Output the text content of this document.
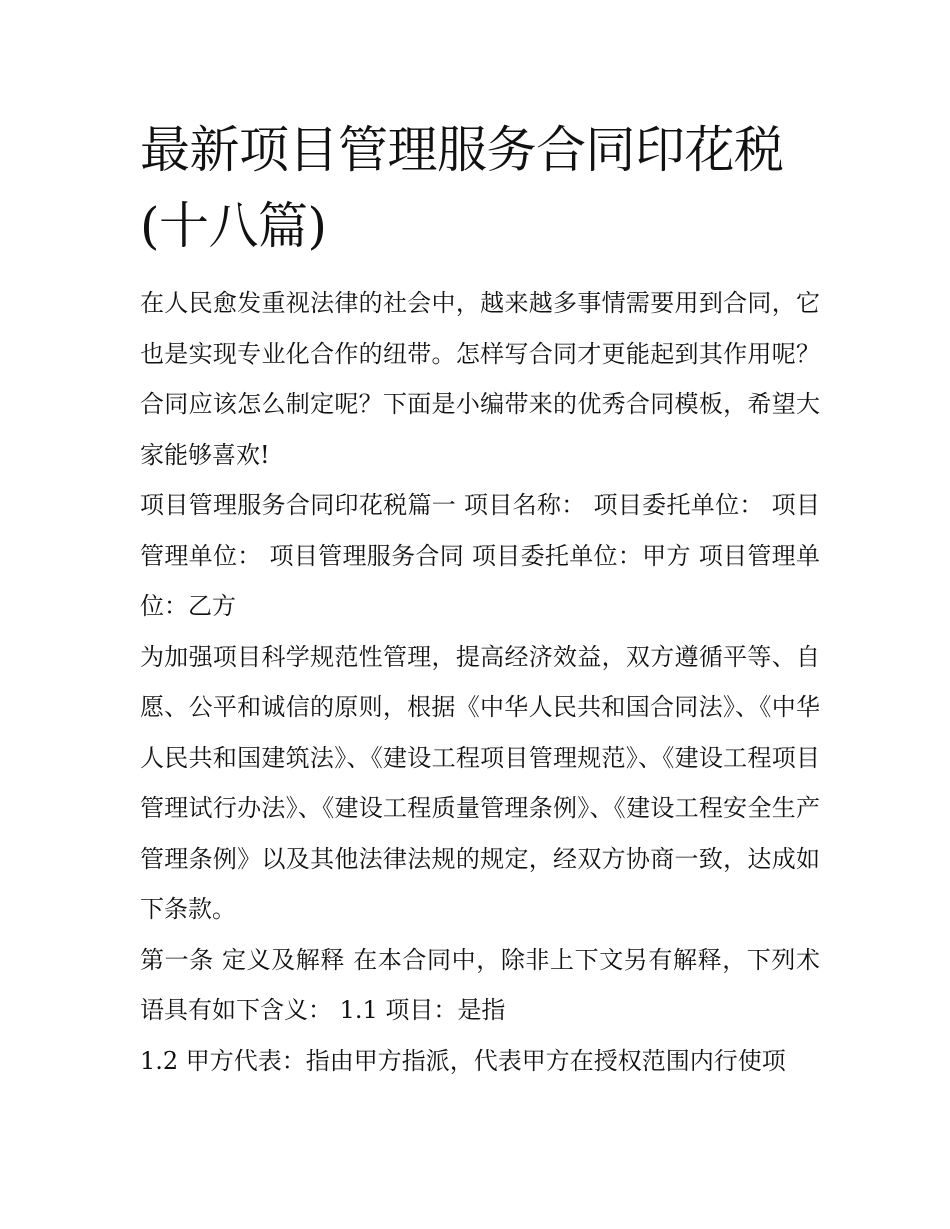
最新项目管理服务合同印花税(十八篇)

在人民愈发重视法律的社会中，越来越多事情需要用到合同，它也是实现专业化合作的纽带。怎样写合同才更能起到其作用呢？合同应该怎么制定呢？下面是小编带来的优秀合同模板，希望大家能够喜欢!

项目管理服务合同印花税篇一 项目名称： 项目委托单位： 项目管理单位： 项目管理服务合同 项目委托单位：甲方 项目管理单位：乙方

为加强项目科学规范性管理，提高经济效益，双方遵循平等、自愿、公平和诚信的原则，根据《中华人民共和国合同法》、《中华人民共和国建筑法》、《建设工程项目管理规范》、《建设工程项目管理试行办法》、《建设工程质量管理条例》、《建设工程安全生产管理条例》以及其他法律法规的规定，经双方协商一致，达成如下条款。

第一条 定义及解释 在本合同中，除非上下文另有解释，下列术语具有如下含义： 1.1 项目：是指

1.2 甲方代表：指由甲方指派，代表甲方在授权范围内行使项
